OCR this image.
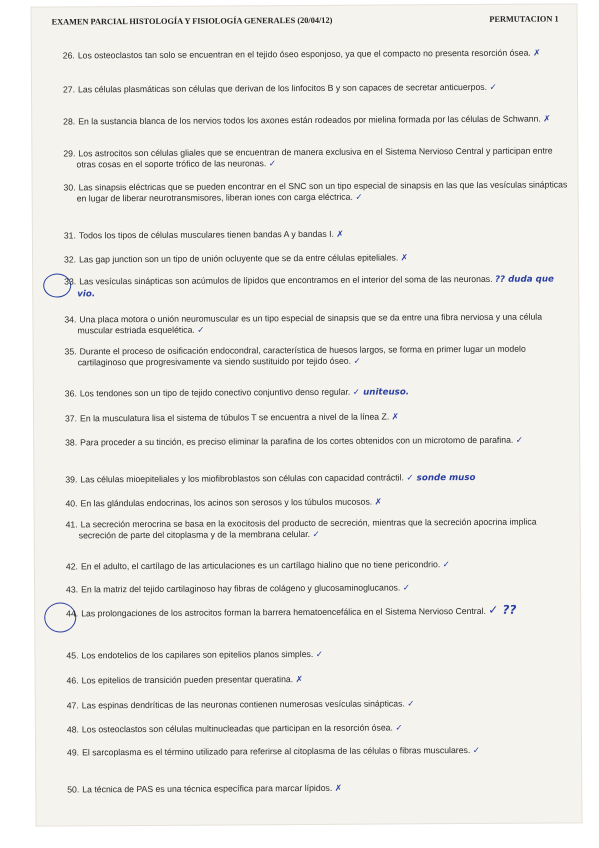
EXAMEN PARCIAL HISTOLOGÍA Y FISIOLOGÍA GENERALES (20/04/12)	PERMUTACION 1
26. Los osteoclastos tan solo se encuentran en el tejido óseo esponjoso, ya que el compacto no presenta resorción ósea. ✗
27. Las células plasmáticas son células que derivan de los linfocitos B y son capaces de secretar anticuerpos. ✓
28. En la sustancia blanca de los nervios todos los axones están rodeados por mielina formada por las células de Schwann. ✗
29. Los astrocitos son células gliales que se encuentran de manera exclusiva en el Sistema Nervioso Central y participan entre otras cosas en el soporte trófico de las neuronas. ✓
30. Las sinapsis eléctricas que se pueden encontrar en el SNC son un tipo especial de sinapsis en las que las vesículas sinápticas en lugar de liberar neurotransmisores, liberan iones con carga eléctrica. ✓
31. Todos los tipos de células musculares tienen bandas A y bandas I. ✗
32. Las gap junction son un tipo de unión ocluyente que se da entre células epiteliales. ✗
33. Las vesículas sinápticas son acúmulos de lípidos que encontramos en el interior del soma de las neuronas. ?? duda que vio.
34. Una placa motora o unión neuromuscular es un tipo especial de sinapsis que se da entre una fibra nerviosa y una célula muscular estriada esquelética. ✓
35. Durante el proceso de osificación endocondral, característica de huesos largos, se forma en primer lugar un modelo cartilaginoso que progresivamente va siendo sustituido por tejido óseo. ✓
36. Los tendones son un tipo de tejido conectivo conjuntivo denso regular. ✓ uniteuso.
37. En la musculatura lisa el sistema de túbulos T se encuentra a nivel de la línea Z. ✗
38. Para proceder a su tinción, es preciso eliminar la parafina de los cortes obtenidos con un microtomo de parafina. ✓
39. Las células mioepiteliales y los miofibroblastos son células con capacidad contráctil. ✓ sonde muso
40. En las glándulas endocrinas, los acinos son serosos y los túbulos mucosos. ✗
41. La secreción merocrina se basa en la exocitosis del producto de secreción, mientras que la secreción apocrina implica secreción de parte del citoplasma y de la membrana celular. ✓
42. En el adulto, el cartílago de las articulaciones es un cartílago hialino que no tiene pericondrio. ✓
43. En la matriz del tejido cartilaginoso hay fibras de colágeno y glucosaminoglucanos. ✓
44. Las prolongaciones de los astrocitos forman la barrera hematoencefálica en el Sistema Nervioso Central. ✓ ??
45. Los endotelios de los capilares son epitelios planos simples. ✓
46. Los epitelios de transición pueden presentar queratina. ✗
47. Las espinas dendríticas de las neuronas contienen numerosas vesículas sinápticas. ✓
48. Los osteoclastos son células multinucleadas que participan en la resorción ósea. ✓
49. El sarcoplasma es el término utilizado para referirse al citoplasma de las células o fibras musculares. ✓
50. La técnica de PAS es una técnica específica para marcar lípidos. ✗
